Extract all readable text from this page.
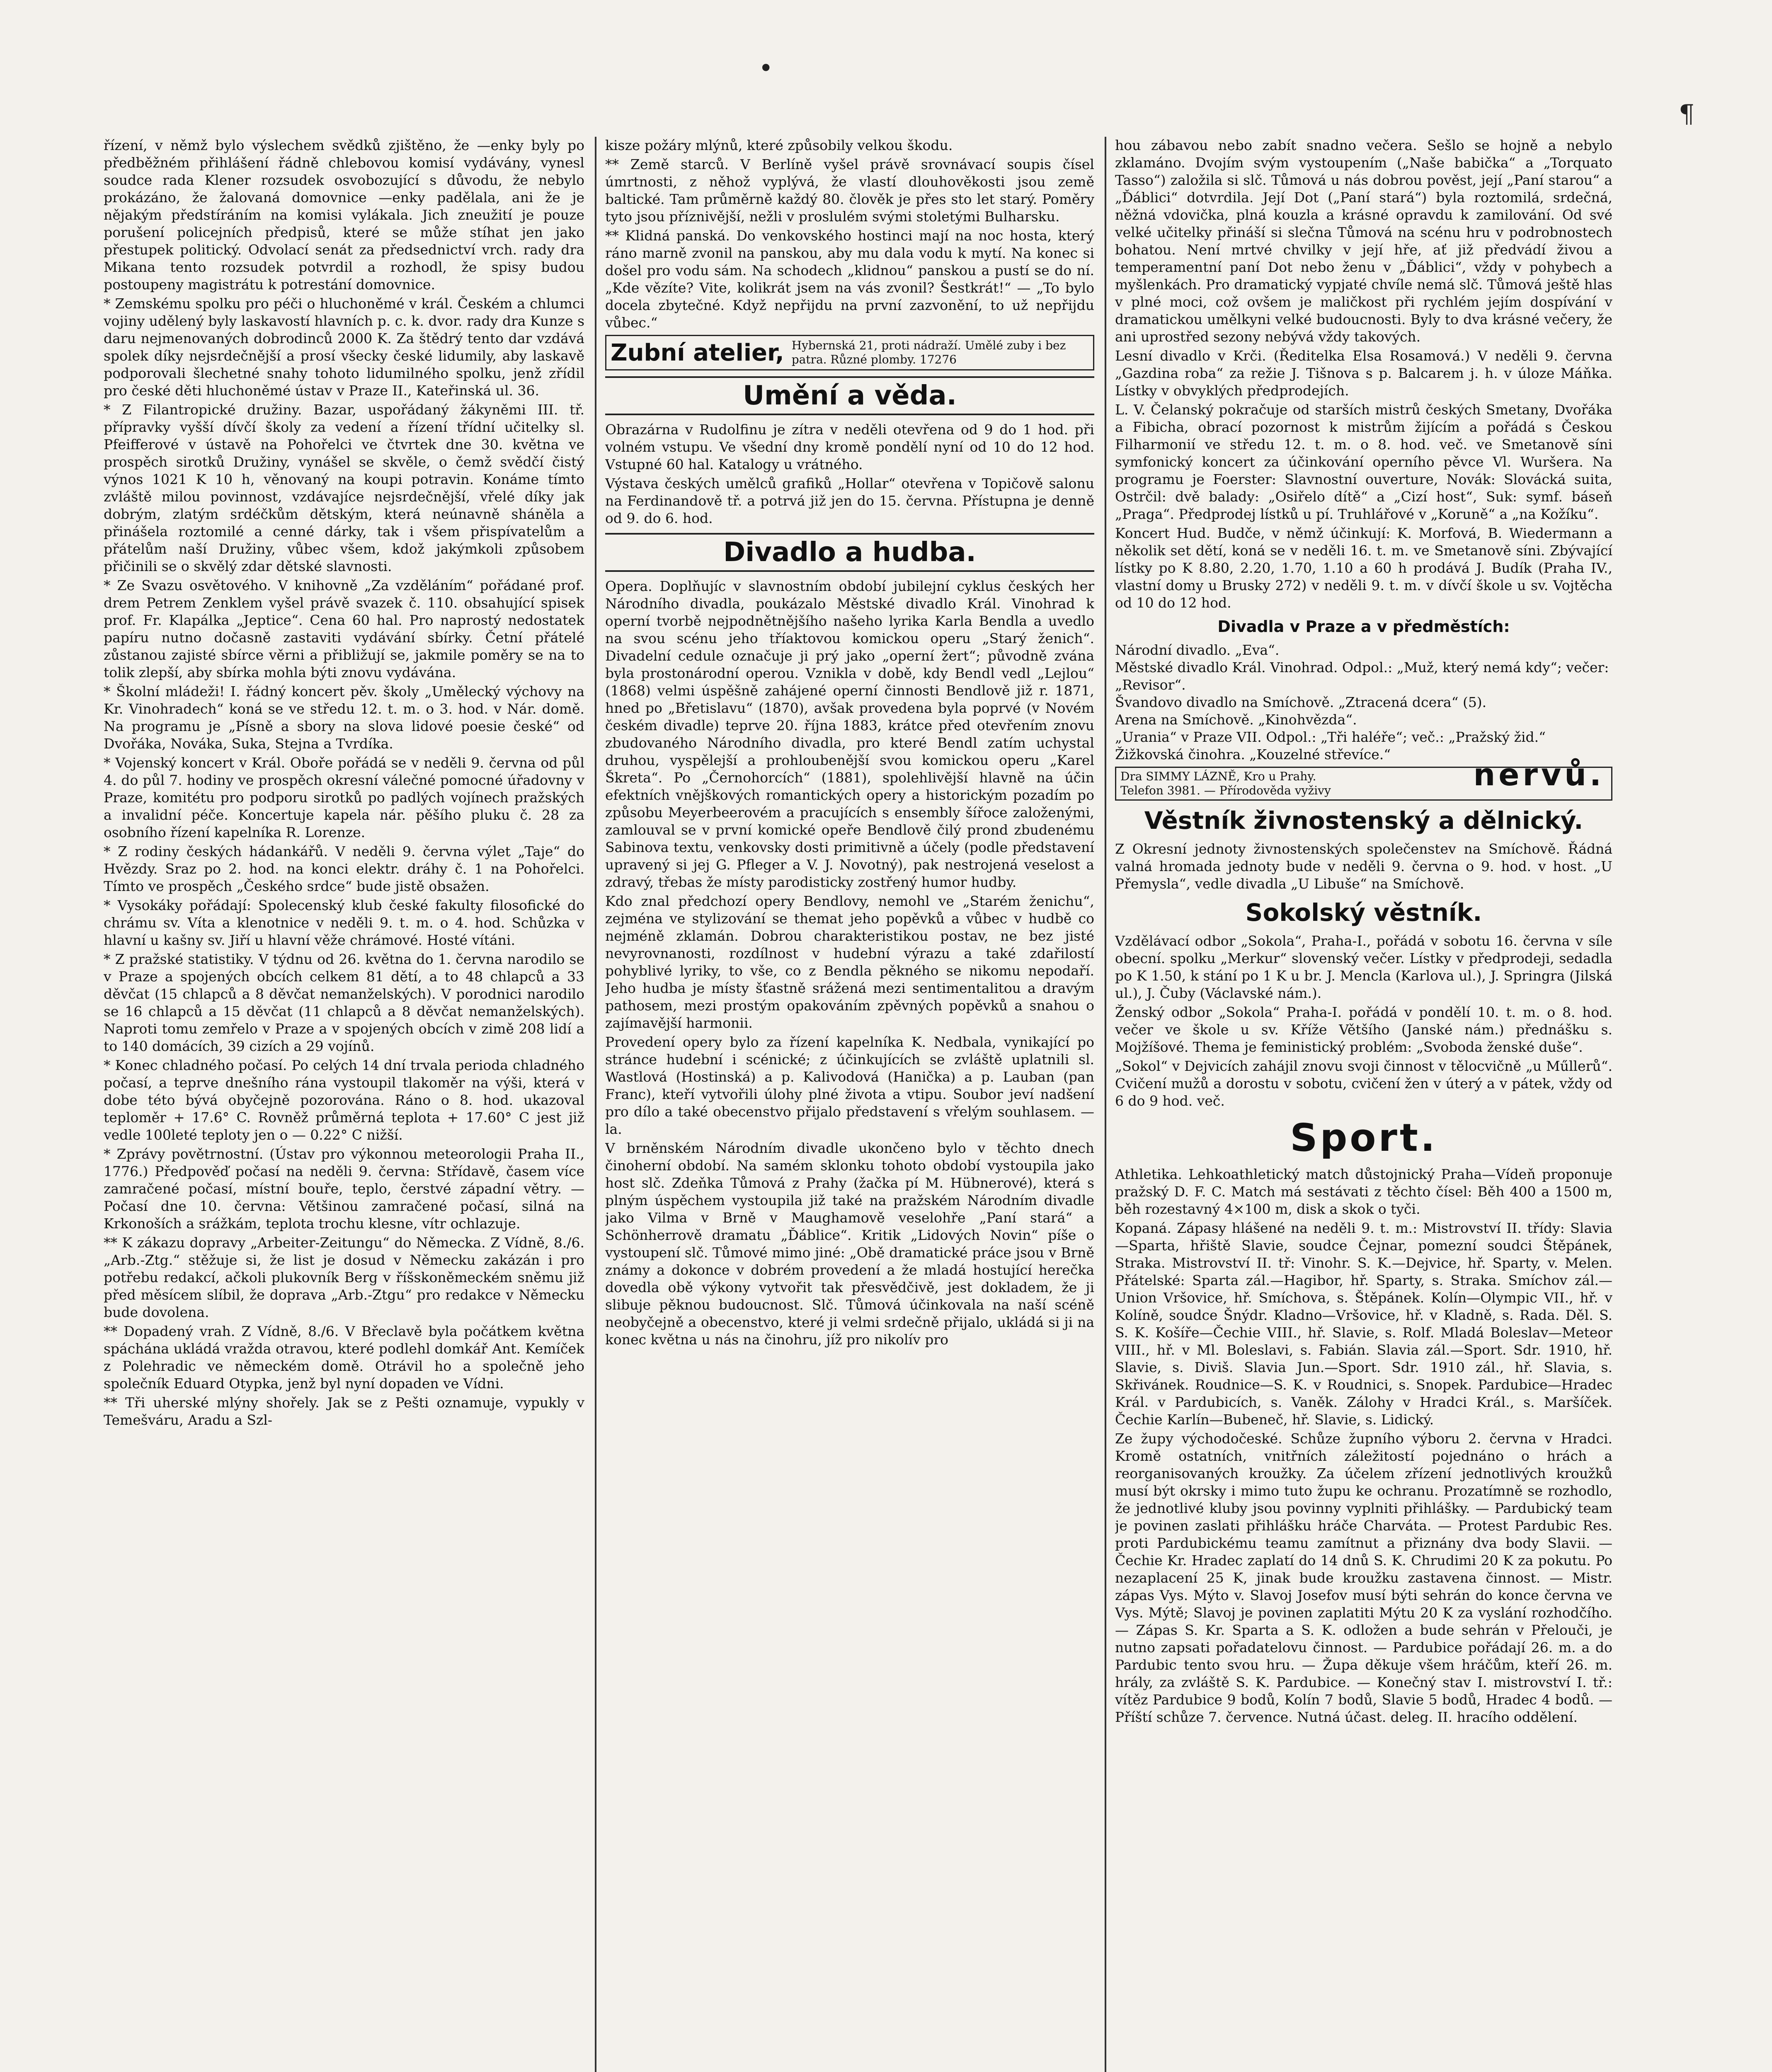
•
¶

řízení, v němž bylo výslechem svědků zjištěno, že —enky byly po předběžném přihlášení řádně chlebovou komisí vydávány, vynesl soudce rada Klener rozsudek osvobozující s důvodu, že nebylo prokázáno, že žalovaná domovnice —enky padělala, ani že je nějakým předstíráním na komisi vylákala. Jich zneužití je pouze porušení policejních předpisů, které se může stíhat jen jako přestupek politický. Odvolací senát za předsednictví vrch. rady dra Mikana tento rozsudek potvrdil a rozhodl, že spisy budou postoupeny magistrátu k potrestání domovnice.

* Zemskému spolku pro péči o hluchoněmé v král. Českém a chlumci vojiny udělený byly laskavostí hlavních p. c. k. dvor. rady dra Kunze s daru nejmenovaných dobrodinců 2000 K. Za štědrý tento dar vzdává spolek díky nejsrdečnější a prosí všecky české lidumily, aby laskavě podporovali šlechetné snahy tohoto lidumilného spolku, jenž zřídil pro české děti hluchoněmé ústav v Praze II., Kateřinská ul. 36.

* Z Filantropické družiny. Bazar, uspořádaný žákyněmi III. tř. přípravky vyšší dívčí školy za vedení a řízení třídní učitelky sl. Pfeifferové v ústavě na Pohořelci ve čtvrtek dne 30. května ve prospěch sirotků Družiny, vynášel se skvěle, o čemž svědčí čistý výnos 1021 K 10 h, věnovaný na koupi potravin. Konáme tímto zvláště milou povinnost, vzdávajíce nejsrdečnější, vřelé díky jak dobrým, zlatým srdéčkům dětským, která neúnavně sháněla a přinášela roztomilé a cenné dárky, tak i všem přispívatelům a přátelům naší Družiny, vůbec všem, kdož jakýmkoli způsobem přičinili se o skvělý zdar dětské slavnosti.

* Ze Svazu osvětového. V knihovně „Za vzděláním“ pořádané prof. drem Petrem Zenklem vyšel právě svazek č. 110. obsahující spisek prof. Fr. Klapálka „Jeptice“. Cena 60 hal. Pro naprostý nedostatek papíru nutno dočasně zastaviti vydávání sbírky. Četní přátelé zůstanou zajisté sbírce věrni a přibližují se, jakmile poměry se na to tolik zlepší, aby sbírka mohla býti znovu vydávána.

* Školní mládeži! I. řádný koncert pěv. školy „Umělecký výchovy na Kr. Vinohradech“ koná se ve středu 12. t. m. o 3. hod. v Nár. domě. Na programu je „Písně a sbory na slova lidové poesie české“ od Dvořáka, Nováka, Suka, Stejna a Tvrdíka.

* Vojenský koncert v Král. Oboře pořádá se v neděli 9. června od půl 4. do půl 7. hodiny ve prospěch okresní válečné pomocné úřadovny v Praze, komitétu pro podporu sirotků po padlých vojínech pražských a invalidní péče. Koncertuje kapela nár. pěšího pluku č. 28 za osobního řízení kapelníka R. Lorenze.

* Z rodiny českých hádankářů. V neděli 9. června výlet „Taje“ do Hvězdy. Sraz po 2. hod. na konci elektr. dráhy č. 1 na Pohořelci. Tímto ve prospěch „Českého srdce“ bude jistě obsažen.

* Vysokáky pořádají: Spolecenský klub české fakulty filosofické do chrámu sv. Víta a klenotnice v neděli 9. t. m. o 4. hod. Schůzka v hlavní u kašny sv. Jiří u hlavní věže chrámové. Hosté vítáni.

* Z pražské statistiky. V týdnu od 26. května do 1. června narodilo se v Praze a spojených obcích celkem 81 dětí, a to 48 chlapců a 33 děvčat (15 chlapců a 8 děvčat nemanželských). V porodnici narodilo se 16 chlapců a 15 děvčat (11 chlapců a 8 děvčat nemanželských). Naproti tomu zemřelo v Praze a v spojených obcích v zimě 208 lidí a to 140 domácích, 39 cizích a 29 vojínů.

* Konec chladného počasí. Po celých 14 dní trvala perioda chladného počasí, a teprve dnešního rána vystoupil tlakoměr na výši, která v dobe této bývá obyčejně pozorována. Ráno o 8. hod. ukazoval teploměr + 17.6° C. Rovněž průměrná teplota + 17.60° C jest již vedle 100leté teploty jen o — 0.22° C nižší.

* Zprávy povětrnostní. (Ústav pro výkonnou meteorologii Praha II., 1776.) Předpověď počasí na neděli 9. června: Střídavě, časem více zamračené počasí, místní bouře, teplo, čerstvé západní větry. — Počasí dne 10. června: Většinou zamračené počasí, silná na Krkonoších a srážkám, teplota trochu klesne, vítr ochlazuje.

** K zákazu dopravy „Arbeiter-Zeitungu“ do Německa. Z Vídně, 8./6. „Arb.-Ztg.“ stěžuje si, že list je dosud v Německu zakázán i pro potřebu redakcí, ačkoli plukovník Berg v říšskoněmeckém sněmu již před měsícem slíbil, že doprava „Arb.-Ztgu“ pro redakce v Německu bude dovolena.

** Dopadený vrah. Z Vídně, 8./6. V Břeclavě byla počátkem května spáchána ukládá vražda otravou, které podlehl domkář Ant. Kemíček z Polehradic ve německém domě. Otrávil ho a společně jeho společník Eduard Otypka, jenž byl nyní dopaden ve Vídni.

** Tři uherské mlýny shořely. Jak se z Pešti oznamuje, vypukly v Temešváru, Aradu a Szl-

kisze požáry mlýnů, které způsobily velkou škodu.

** Země starců. V Berlíně vyšel právě srovnávací soupis čísel úmrtnosti, z něhož vyplývá, že vlastí dlouhověkosti jsou země baltické. Tam průměrně každý 80. člověk je přes sto let starý. Poměry tyto jsou příznivější, nežli v proslulém svými stoletými Bulharsku.

** Klidná panská. Do venkovského hostinci mají na noc hosta, který ráno marně zvonil na panskou, aby mu dala vodu k mytí. Na konec si došel pro vodu sám. Na schodech „klidnou“ panskou a pustí se do ní. „Kde vězíte? Vite, kolikrát jsem na vás zvonil? Šestkrát!“ — „To bylo docela zbytečné. Když nepřijdu na první zazvonění, to už nepřijdu vůbec.“

Zubní atelier, Hybernská 21, proti nádraží. Umělé zuby i bez patra. Různé plomby. 17276
Umění a věda.

Obrazárna v Rudolfinu je zítra v neděli otevřena od 9 do 1 hod. při volném vstupu. Ve všední dny kromě pondělí nyní od 10 do 12 hod. Vstupné 60 hal. Katalogy u vrátného.

Výstava českých umělců grafiků „Hollar“ otevřena v Topičově salonu na Ferdinandově tř. a potrvá již jen do 15. června. Přístupna je denně od 9. do 6. hod.

Divadlo a hudba.

Opera. Doplňujíc v slavnostním období jubilejní cyklus českých her Národního divadla, poukázalo Městské divadlo Král. Vinohrad k operní tvorbě nejpodnětnějšího našeho lyrika Karla Bendla a uvedlo na svou scénu jeho tříaktovou komickou operu „Starý ženich“. Divadelní cedule označuje ji prý jako „operní žert“; původně zvána byla prostonárodní operou. Vznikla v době, kdy Bendl vedl „Lejlou“ (1868) velmi úspěšně zahájené operní činnosti Bendlově již r. 1871, hned po „Břetislavu“ (1870), avšak provedena byla poprvé (v Novém českém divadle) teprve 20. října 1883, krátce před otevřením znovu zbudovaného Národního divadla, pro které Bendl zatím uchystal druhou, vyspělejší a prohloubenější svou komickou operu „Karel Škreta“. Po „Černohorcích“ (1881), spolehlivější hlavně na účin efektních vnějškových romantických opery a historickým pozadím po způsobu Meyerbeerovém a pracujících s ensembly šířoce založenými, zamlouval se v první komické opeře Bendlově čilý prond zbudenému Sabinova textu, venkovsky dosti primitivně a účely (podle představení upravený si jej G. Pfleger a V. J. Novotný), pak nestrojená veselost a zdravý, třebas že místy parodisticky zostřený humor hudby.

Kdo znal předchozí opery Bendlovy, nemohl ve „Starém ženichu“, zejména ve stylizování se themat jeho popěvků a vůbec v hudbě co nejméně zklamán. Dobrou charakteristikou postav, ne bez jisté nevyrovnanosti, rozdílnost v hudební výrazu a také zdařilostí pohyblivé lyriky, to vše, co z Bendla pěkného se nikomu nepodaří. Jeho hudba je místy šťastně srážená mezi sentimentalitou a dravým pathosem, mezi prostým opakováním zpěvných popěvků a snahou o zajímavější harmonii.

Provedení opery bylo za řízení kapelníka K. Nedbala, vynikající po stránce hudební i scénické; z účinkujících se zvláště uplatnili sl. Wastlová (Hostinská) a p. Kalivodová (Hanička) a p. Lauban (pan Franc), kteří vytvořili úlohy plné života a vtipu. Soubor jeví nadšení pro dílo a také obecenstvo přijalo představení s vřelým souhlasem. —la.

V brněnském Národním divadle ukončeno bylo v těchto dnech činoherní období. Na samém sklonku tohoto období vystoupila jako host slč. Zdeňka Tůmová z Prahy (žačka pí M. Hübnerové), která s plným úspěchem vystoupila již také na pražském Národním divadle jako Vilma v Brně v Maughamově veselohře „Paní stará“ a Schönherrově dramatu „Ďáblice“. Kritik „Lidových Novin“ píše o vystoupení slč. Tůmové mimo jiné: „Obě dramatické práce jsou v Brně známy a dokonce v dobrém provedení a že mladá hostující herečka dovedla obě výkony vytvořit tak přesvědčivě, jest dokladem, že ji slibuje pěknou budoucnost. Slč. Tůmová účinkovala na naší scéně neobyčejně a obecenstvo, které ji velmi srdečně přijalo, ukládá si ji na konec května u nás na činohru, jíž pro nikolív pro

hou zábavou nebo zabít snadno večera. Sešlo se hojně a nebylo zklamáno. Dvojím svým vystoupením („Naše babička“ a „Torquato Tasso“) založila si slč. Tůmová u nás dobrou pověst, její „Paní starou“ a „Ďáblici“ dotvrdila. Její Dot („Paní stará“) byla roztomilá, srdečná, něžná vdovička, plná kouzla a krásné opravdu k zamilování. Od své velké učitelky přináší si slečna Tůmová na scénu hru v podrobnostech bohatou. Není mrtvé chvilky v její hře, ať již předvádí živou a temperamentní paní Dot nebo ženu v „Ďáblici“, vždy v pohybech a myšlenkách. Pro dramatický vypjaté chvíle nemá slč. Tůmová ještě hlas v plné moci, což ovšem je maličkost při rychlém jejím dospívání v dramatickou umělkyni velké budoucnosti. Byly to dva krásné večery, že ani uprostřed sezony nebývá vždy takových.

Lesní divadlo v Krči. (Ředitelka Elsa Rosamová.) V neděli 9. června „Gazdina roba“ za režie J. Tišnova s p. Balcarem j. h. v úloze Máňka. Lístky v obvyklých předprodejích.

L. V. Čelanský pokračuje od starších mistrů českých Smetany, Dvořáka a Fibicha, obrací pozornost k mistrům žijícím a pořádá s Českou Filharmonií ve středu 12. t. m. o 8. hod. več. ve Smetanově síni symfonický koncert za účinkování operního pěvce Vl. Wuršera. Na programu je Foerster: Slavnostní ouverture, Novák: Slovácká suita, Ostrčil: dvě balady: „Osiřelo dítě“ a „Cizí host“, Suk: symf. báseň „Praga“. Předprodej lístků u pí. Truhlářové v „Koruně“ a „na Kožíku“.

Koncert Hud. Budče, v němž účinkují: K. Morfová, B. Wiedermann a několik set dětí, koná se v neděli 16. t. m. ve Smetanově síni. Zbývající lístky po K 8.80, 2.20, 1.70, 1.10 a 60 h prodává J. Budík (Praha IV., vlastní domy u Brusky 272) v neděli 9. t. m. v dívčí škole u sv. Vojtěcha od 10 do 12 hod.

Divadla v Praze a v předměstích:

Národní divadlo. „Eva“.

Městské divadlo Král. Vinohrad. Odpol.: „Muž, který nemá kdy“; večer: „Revisor“.

Švandovo divadlo na Smíchově. „Ztracená dcera“ (5).

Arena na Smíchově. „Kinohvězda“.

„Urania“ v Praze VII. Odpol.: „Tři haléře“; več.: „Pražský žid.“

Žižkovská činohra. „Kouzelné střevíce.“

Dra SIMMY LÁZNĚ, Kro u Prahy.
Telefon 3981. — Přírodověda vyživy	nervů.
Věstník živnostenský a dělnický.

Z Okresní jednoty živnostenských společenstev na Smíchově. Řádná valná hromada jednoty bude v neděli 9. června o 9. hod. v host. „U Přemysla“, vedle divadla „U Libuše“ na Smíchově.

Sokolský věstník.

Vzdělávací odbor „Sokola“, Praha-I., pořádá v sobotu 16. června v síle obecní. spolku „Merkur“ slovenský večer. Lístky v předprodeji, sedadla po K 1.50, k stání po 1 K u br. J. Mencla (Karlova ul.), J. Springra (Jilská ul.), J. Čuby (Václavské nám.).

Ženský odbor „Sokola“ Praha-I. pořádá v pondělí 10. t. m. o 8. hod. večer ve škole u sv. Kříže Většího (Janské nám.) přednášku s. Mojžíšové. Thema je feministický problém: „Svoboda ženské duše“.

„Sokol“ v Dejvicích zahájil znovu svoji činnost v tělocvičně „u Műllerů“. Cvičení mužů a dorostu v sobotu, cvičení žen v úterý a v pátek, vždy od 6 do 9 hod. več.

Sport.

Athletika. Lehkoathletický match důstojnický Praha—Vídeň proponuje pražský D. F. C. Match má sestávati z těchto čísel: Běh 400 a 1500 m, běh rozestavný 4×100 m, disk a skok o tyči.

Kopaná. Zápasy hlášené na neděli 9. t. m.: Mistrovství II. třídy: Slavia—Sparta, hřiště Slavie, soudce Čejnar, pomezní soudci Štěpánek, Straka. Mistrovství II. tř: Vinohr. S. K.—Dejvice, hř. Sparty, v. Melen. Přátelské: Sparta zál.—Hagibor, hř. Sparty, s. Straka. Smíchov zál.—Union Vršovice, hř. Smíchova, s. Štěpánek. Kolín—Olympic VII., hř. v Kolíně, soudce Šnýdr. Kladno—Vršovice, hř. v Kladně, s. Rada. Děl. S. S. K. Košíře—Čechie VIII., hř. Slavie, s. Rolf. Mladá Boleslav—Meteor VIII., hř. v Ml. Boleslavi, s. Fabián. Slavia zál.—Sport. Sdr. 1910, hř. Slavie, s. Diviš. Slavia Jun.—Sport. Sdr. 1910 zál., hř. Slavia, s. Skřivánek. Roudnice—S. K. v Roudnici, s. Snopek. Pardubice—Hradec Král. v Pardubicích, s. Vaněk. Zálohy v Hradci Král., s. Maršíček. Čechie Karlín—Bubeneč, hř. Slavie, s. Lidický.

Ze župy východočeské. Schůze župního výboru 2. června v Hradci. Kromě ostatních, vnitřních záležitostí pojednáno o hrách a reorganisovaných kroužky. Za účelem zřízení jednotlivých kroužků musí být okrsky i mimo tuto župu ke ochranu. Prozatímně se rozhodlo, že jednotlivé kluby jsou povinny vyplniti přihlášky. — Pardubický team je povinen zaslati přihlášku hráče Charváta. — Protest Pardubic Res. proti Pardubickému teamu zamítnut a přiznány dva body Slavii. — Čechie Kr. Hradec zaplatí do 14 dnů S. K. Chrudimi 20 K za pokutu. Po nezaplacení 25 K, jinak bude kroužku zastavena činnost. — Mistr. zápas Vys. Mýto v. Slavoj Josefov musí býti sehrán do konce června ve Vys. Mýtě; Slavoj je povinen zaplatiti Mýtu 20 K za vyslání rozhodčího. — Zápas S. Kr. Sparta a S. K. odložen a bude sehrán v Přelouči, je nutno zapsati pořadatelovu činnost. — Pardubice pořádají 26. m. a do Pardubic tento svou hru. — Župa děkuje všem hráčům, kteří 26. m. hrály, za zvláště S. K. Pardubice. — Konečný stav I. mistrovství I. tř.: vítěz Pardubice 9 bodů, Kolín 7 bodů, Slavie 5 bodů, Hradec 4 bodů. — Příští schůze 7. července. Nutná účast. deleg. II. hracího oddělení.
